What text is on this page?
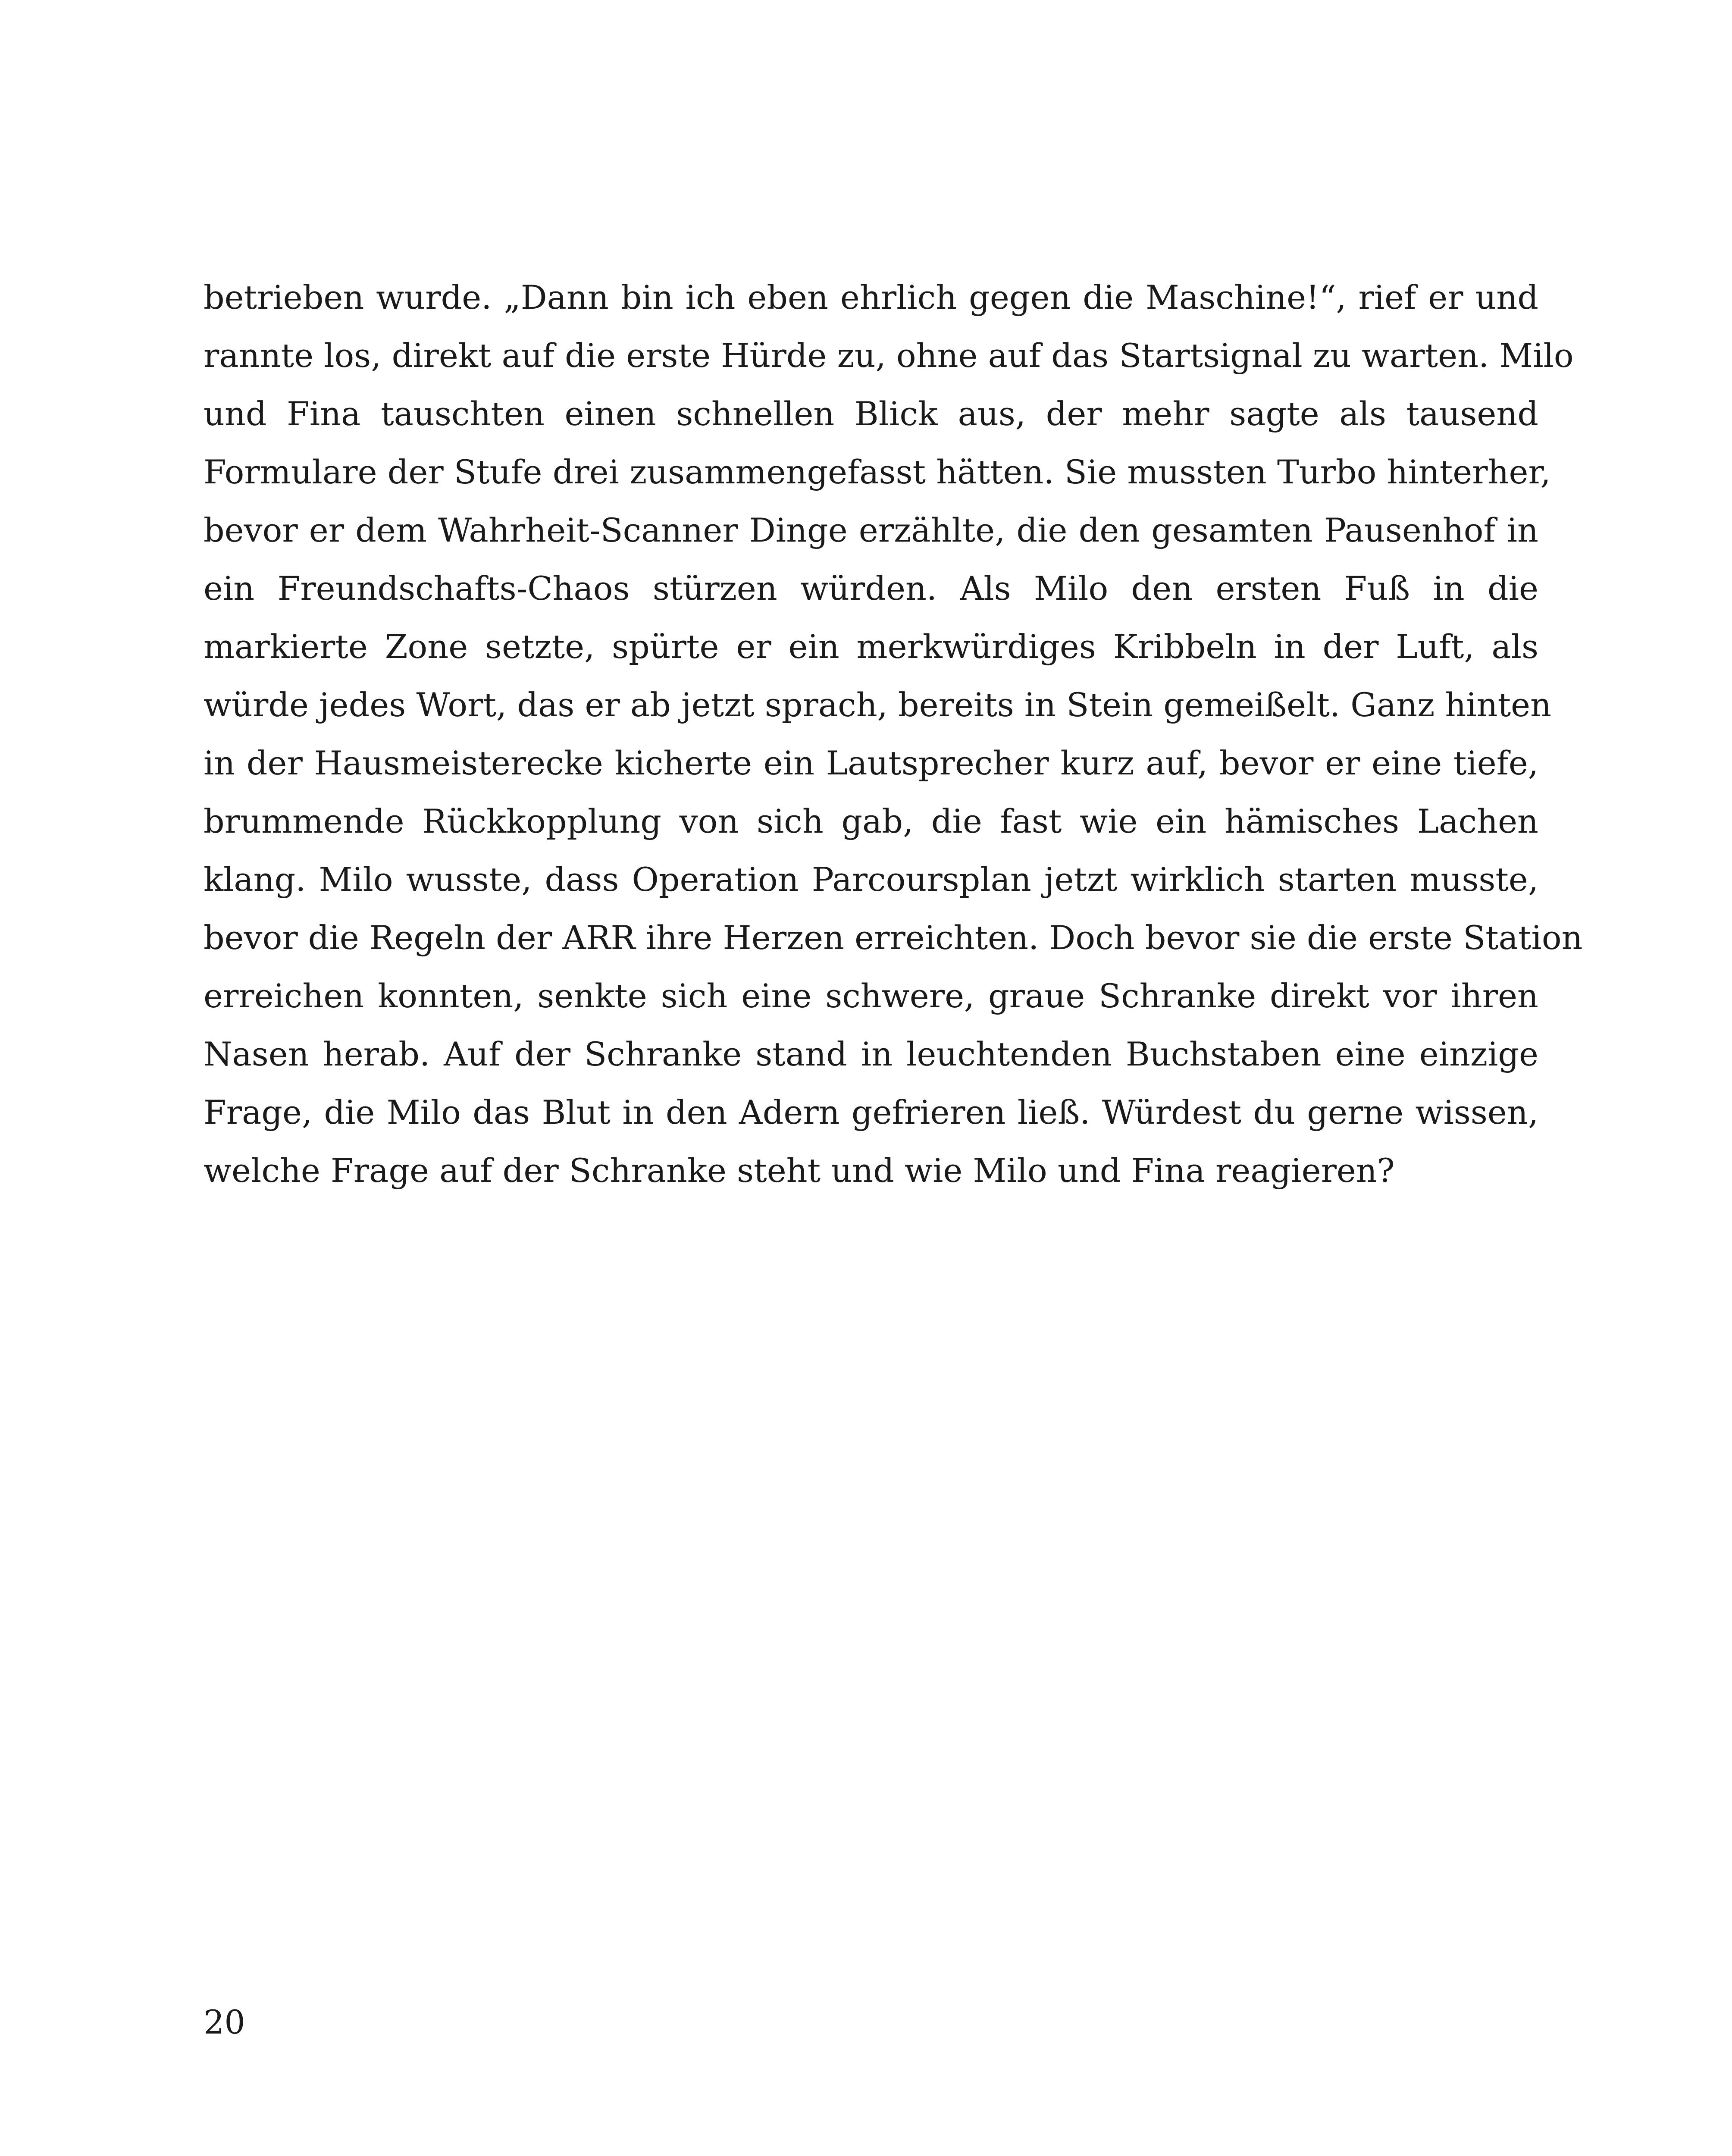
betrieben wurde. „Dann bin ich eben ehrlich gegen die Maschine!“, rief er und
rannte los, direkt auf die erste Hürde zu, ohne auf das Startsignal zu warten. Milo
und Fina tauschten einen schnellen Blick aus, der mehr sagte als tausend
Formulare der Stufe drei zusammengefasst hätten. Sie mussten Turbo hinterher,
bevor er dem Wahrheit-Scanner Dinge erzählte, die den gesamten Pausenhof in
ein Freundschafts-Chaos stürzen würden. Als Milo den ersten Fuß in die
markierte Zone setzte, spürte er ein merkwürdiges Kribbeln in der Luft, als
würde jedes Wort, das er ab jetzt sprach, bereits in Stein gemeißelt. Ganz hinten
in der Hausmeisterecke kicherte ein Lautsprecher kurz auf, bevor er eine tiefe,
brummende Rückkopplung von sich gab, die fast wie ein hämisches Lachen
klang. Milo wusste, dass Operation Parcoursplan jetzt wirklich starten musste,
bevor die Regeln der ARR ihre Herzen erreichten. Doch bevor sie die erste Station
erreichen konnten, senkte sich eine schwere, graue Schranke direkt vor ihren
Nasen herab. Auf der Schranke stand in leuchtenden Buchstaben eine einzige
Frage, die Milo das Blut in den Adern gefrieren ließ. Würdest du gerne wissen,
welche Frage auf der Schranke steht und wie Milo und Fina reagieren?

20
